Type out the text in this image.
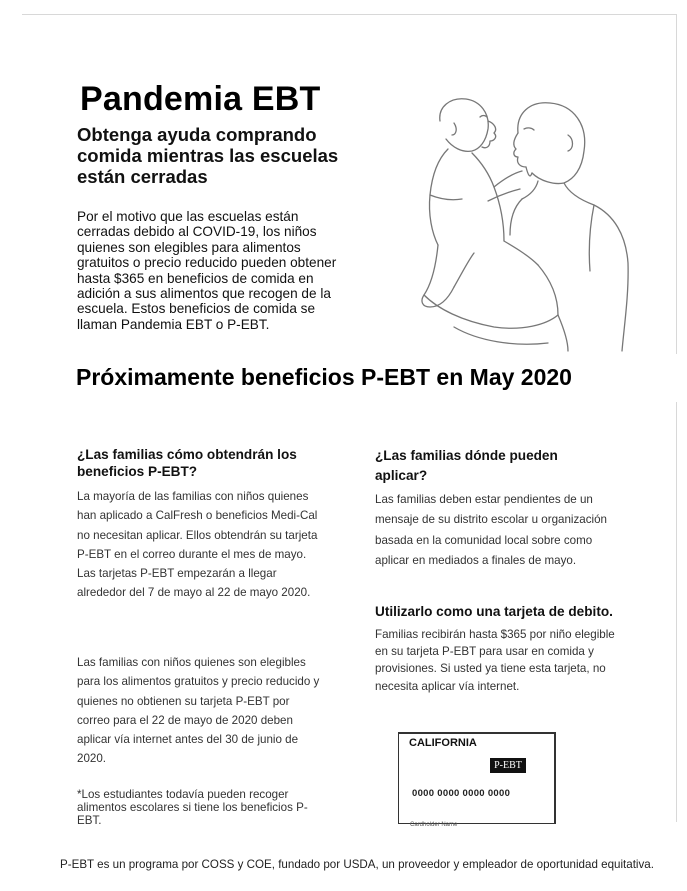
Pandemia EBT
Obtenga ayuda comprando comida mientras las escuelas están cerradas
Por el motivo que las escuelas están cerradas debido al COVID-19, los niños quienes son elegibles para alimentos gratuitos o precio reducido pueden obtener hasta $365 en beneficios de comida en adición a sus alimentos que recogen de la escuela. Estos beneficios de comida se llaman Pandemia EBT o P-EBT.
Próximamente beneficios P-EBT en May 2020
¿Las familias cómo obtendrán los beneficios P-EBT?
La mayoría de las familias con niños quienes han aplicado a CalFresh o beneficios Medi-Cal no necesitan aplicar. Ellos obtendrán su tarjeta P-EBT en el correo durante el mes de mayo. Las tarjetas P-EBT empezarán a llegar alrededor del 7 de mayo al 22 de mayo 2020.
Las familias con niños quienes son elegibles para los alimentos gratuitos y precio reducido y quienes no obtienen su tarjeta P-EBT por correo para el 22 de mayo de 2020 deben aplicar vía internet antes del 30 de junio de 2020.
*Los estudiantes todavía pueden recoger alimentos escolares si tiene los beneficios P-EBT.
¿Las familias dónde pueden aplicar?
Las familias deben estar pendientes de un mensaje de su distrito escolar u organización basada en la comunidad local sobre como aplicar en mediados a finales de mayo.
Utilizarlo como una tarjeta de debito.
Familias recibirán hasta $365 por niño elegible en su tarjeta P-EBT para usar en comida y provisiones. Si usted ya tiene esta tarjeta, no necesita aplicar vía internet.
CALIFORNIA
P-EBT
0000 0000 0000 0000
Cardholder Name
P-EBT es un programa por COSS y COE, fundado por USDA, un proveedor y empleador de oportunidad equitativa.
